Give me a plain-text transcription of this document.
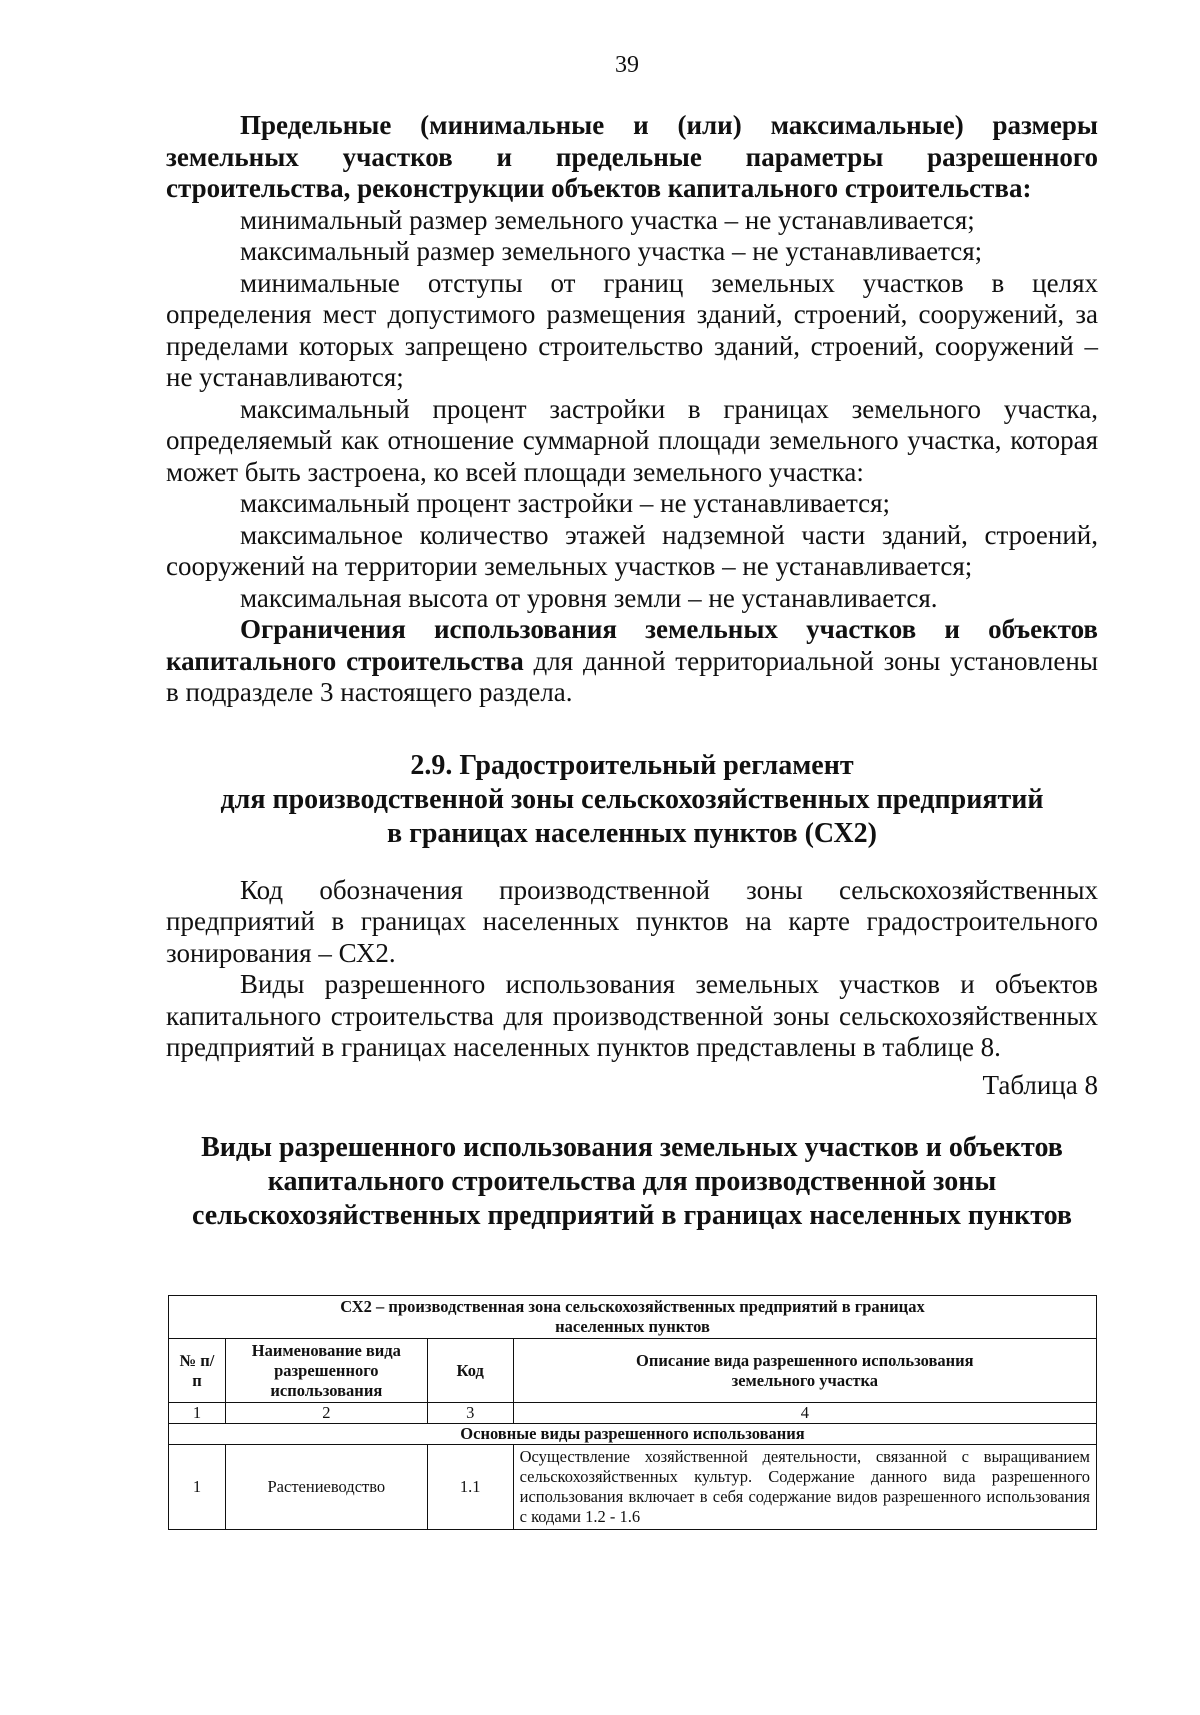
39

Предельные (минимальные и (или) максимальные) размеры земельных участков и предельные параметры разрешенного строительства, реконструкции объектов капитального строительства:

минимальный размер земельного участка – не устанавливается;

максимальный размер земельного участка – не устанавливается;

минимальные отступы от границ земельных участков в целях определения мест допустимого размещения зданий, строений, сооружений, за пределами которых запрещено строительство зданий, строений, сооружений – не устанавливаются;

максимальный процент застройки в границах земельного участка, определяемый как отношение суммарной площади земельного участка, которая может быть застроена, ко всей площади земельного участка:

максимальный процент застройки – не устанавливается;

максимальное количество этажей надземной части зданий, строений, сооружений на территории земельных участков – не устанавливается;

максимальная высота от уровня земли – не устанавливается.

Ограничения использования земельных участков и объектов капитального строительства для данной территориальной зоны установлены в подразделе 3 настоящего раздела.

2.9. Градостроительный регламент
для производственной зоны сельскохозяйственных предприятий
в границах населенных пунктов (СХ2)

Код обозначения производственной зоны сельскохозяйственных предприятий в границах населенных пунктов на карте градостроительного зонирования – СХ2.

Виды разрешенного использования земельных участков и объектов капитального строительства для производственной зоны сельскохозяйственных предприятий в границах населенных пунктов представлены в таблице 8.

Таблица 8
Виды разрешенного использования земельных участков и объектов
капитального строительства для производственной зоны
сельскохозяйственных предприятий в границах населенных пунктов
СХ2 – производственная зона сельскохозяйственных предприятий в границах населенных пунктов			
№ п/п	Наименование вида разрешенного использования	Код	Описание вида разрешенного использования земельного участка
1	2	3	4
Основные виды разрешенного использования			
1	Растениеводство	1.1	Осуществление хозяйственной деятельности, связанной с выращиванием сельскохозяйственных культур. Содержание данного вида разрешенного использования включает в себя содержание видов разрешенного использования с кодами 1.2 - 1.6
